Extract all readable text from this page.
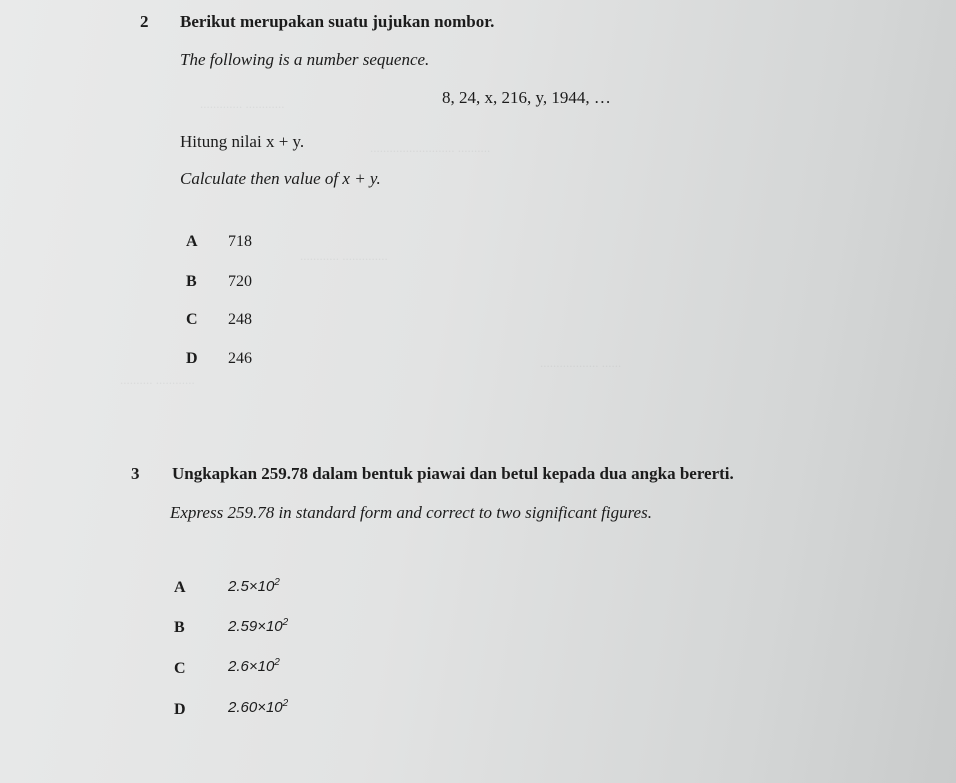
............. ............
.......................... ..........
............ ..............
.................. ......
.......... ............
2 Berikut merupakan suatu jujukan nombor.
The following is a number sequence.
8, 24, x, 216, y, 1944, …
Hitung nilai x + y.
Calculate then value of x + y.
A 718
B 720
C 248
D 246
3 Ungkapkan 259.78 dalam bentuk piawai dan betul kepada dua angka bererti.
Express 259.78 in standard form and correct to two significant figures.
A	$2.5\times 10^2$
B	$2.59\times 10^2$
C	$2.6\times 10^2$
D	$2.60\times 10^2$
